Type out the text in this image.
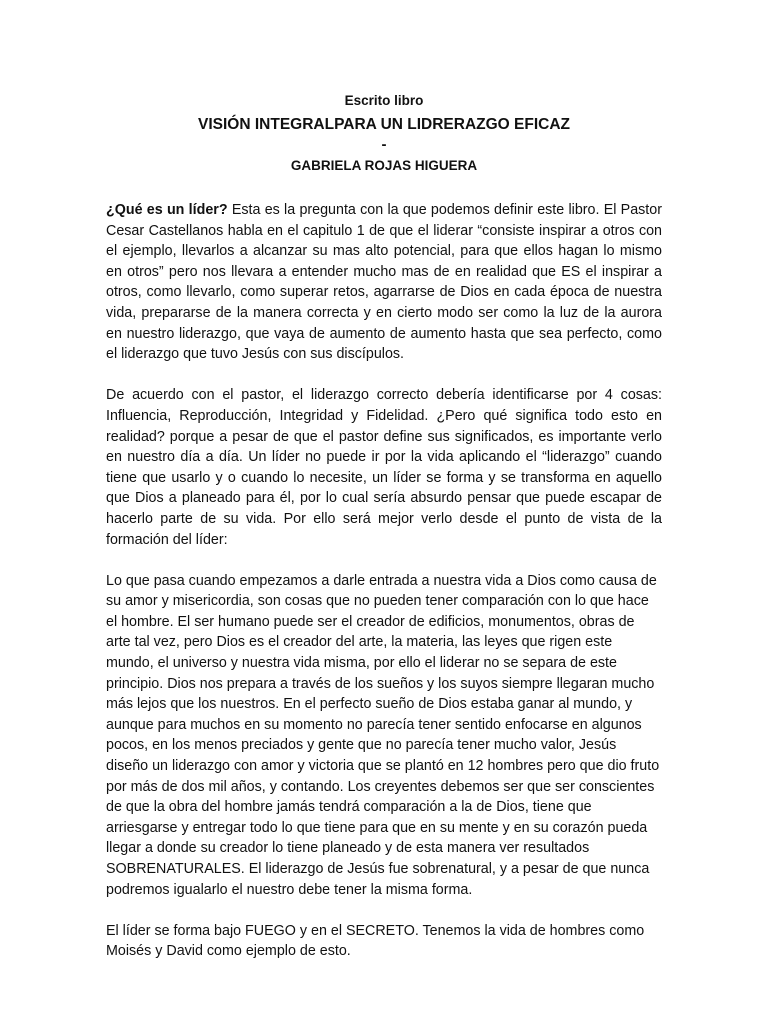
Escrito libro

VISIÓN INTEGRALPARA UN LIDRERAZGO EFICAZ

-

GABRIELA ROJAS HIGUERA

¿Qué es un líder? Esta es la pregunta con la que podemos definir este libro. El Pastor Cesar Castellanos habla en el capitulo 1 de que el liderar “consiste inspirar a otros con el ejemplo, llevarlos a alcanzar su mas alto potencial, para que ellos hagan lo mismo en otros” pero nos llevara a entender mucho mas de en realidad que ES el inspirar a otros, como llevarlo, como superar retos, agarrarse de Dios en cada época de nuestra vida, prepararse de la manera correcta y en cierto modo ser como la luz de la aurora en nuestro liderazgo, que vaya de aumento de aumento hasta que sea perfecto, como el liderazgo que tuvo Jesús con sus discípulos.

De acuerdo con el pastor, el liderazgo correcto debería identificarse por 4 cosas: Influencia, Reproducción, Integridad y Fidelidad. ¿Pero qué significa todo esto en realidad? porque a pesar de que el pastor define sus significados, es importante verlo en nuestro día a día. Un líder no puede ir por la vida aplicando el “liderazgo” cuando tiene que usarlo y o cuando lo necesite, un líder se forma y se transforma en aquello que Dios a planeado para él, por lo cual sería absurdo pensar que puede escapar de hacerlo parte de su vida. Por ello será mejor verlo desde el punto de vista de la formación del líder:

Lo que pasa cuando empezamos a darle entrada a nuestra vida a Dios como causa de su amor y misericordia, son cosas que no pueden tener comparación con lo que hace el hombre. El ser humano puede ser el creador de edificios, monumentos, obras de arte tal vez, pero Dios es el creador del arte, la materia, las leyes que rigen este mundo, el universo y nuestra vida misma, por ello el liderar no se separa de este principio. Dios nos prepara a través de los sueños y los suyos siempre llegaran mucho más lejos que los nuestros. En el perfecto sueño de Dios estaba ganar al mundo, y aunque para muchos en su momento no parecía tener sentido enfocarse en algunos pocos, en los menos preciados y gente que no parecía tener mucho valor, Jesús diseño un liderazgo con amor y victoria que se plantó en 12 hombres pero que dio fruto por más de dos mil años, y contando. Los creyentes debemos ser que ser conscientes de que la obra del hombre jamás tendrá comparación a la de Dios, tiene que arriesgarse y entregar todo lo que tiene para que en su mente y en su corazón pueda llegar a donde su creador lo tiene planeado y de esta manera ver resultados SOBRENATURALES. El liderazgo de Jesús fue sobrenatural, y a pesar de que nunca podremos igualarlo el nuestro debe tener la misma forma.

El líder se forma bajo FUEGO y en el SECRETO. Tenemos la vida de hombres como Moisés y David como ejemplo de esto.
